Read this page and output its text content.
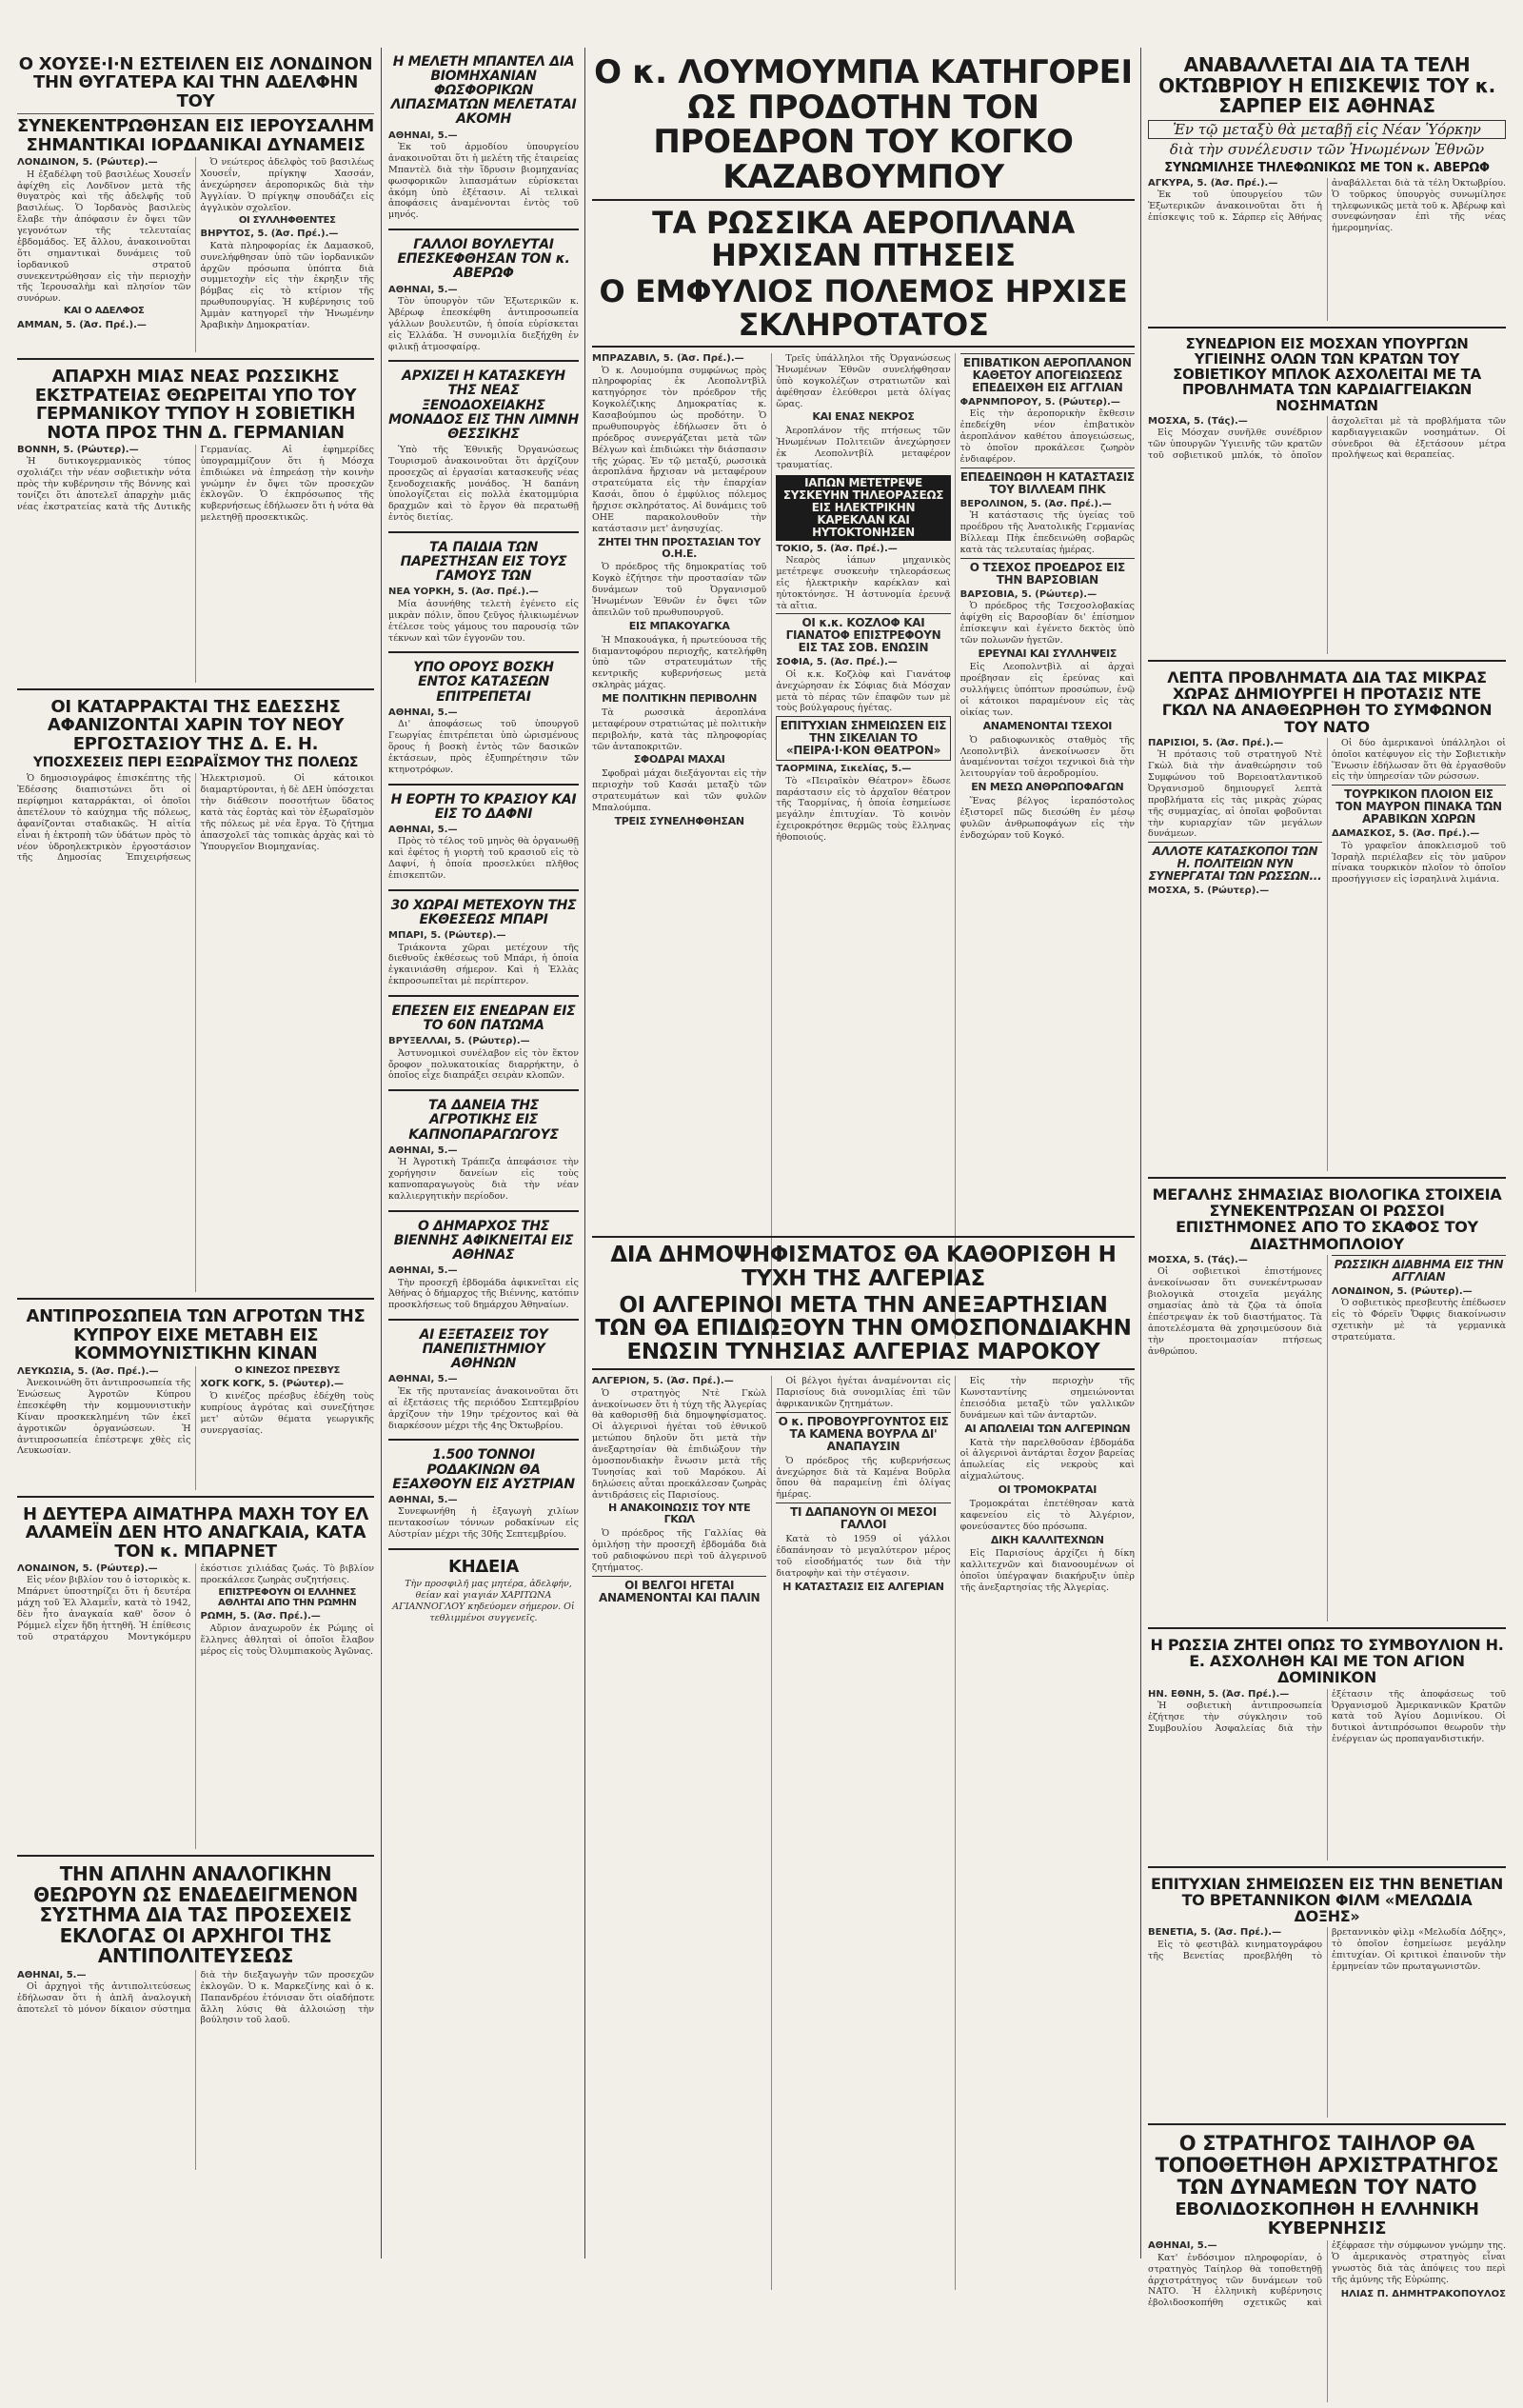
Ο ΧΟΥΣΕ·Ι·Ν ΕΣΤΕΙΛΕΝ ΕΙΣ ΛΟΝΔΙΝΟΝ ΤΗΝ ΘΥΓΑΤΕΡΑ ΚΑΙ ΤΗΝ ΑΔΕΛΦΗΝ ΤΟΥ
ΣΥΝΕΚΕΝΤΡΩΘΗΣΑΝ ΕΙΣ ΙΕΡΟΥΣΑΛΗΜ ΣΗΜΑΝΤΙΚΑΙ ΙΟΡΔΑΝΙΚΑΙ ΔΥΝΑΜΕΙΣ
ΛΟΝΔΙΝΟΝ, 5. (Ρώυτερ).—

Η ἐξαδέλφη τοῦ βασιλέως Χουσεΐν ἀφίχθη εἰς Λονδῖνον μετὰ τῆς θυγατρὸς καὶ τῆς ἀδελφῆς τοῦ βασιλέως. Ὁ Ἰορδανὸς βασιλεὺς ἔλαβε τὴν ἀπόφασιν ἐν ὄψει τῶν γεγονότων τῆς τελευταίας ἑβδομάδος. Ἐξ ἄλλου, ἀνακοινοῦται ὅτι σημαντικαὶ δυνάμεις τοῦ ἰορδανικοῦ στρατοῦ συνεκεντρώθησαν εἰς τὴν περιοχὴν τῆς Ἱερουσαλὴμ καὶ πλησίον τῶν συνόρων.

ΚΑΙ Ο ΑΔΕΛΦΟΣ
ΑΜΜΑΝ, 5. (Ἀσ. Πρέ.).—

Ὁ νεώτερος ἀδελφὸς τοῦ βασιλέως Χουσεΐν, πρίγκηψ Χασσάν, ἀνεχώρησεν ἀεροπορικῶς διὰ τὴν Ἀγγλίαν. Ὁ πρίγκηψ σπουδάζει εἰς ἀγγλικὸν σχολεῖον.

ΟΙ ΣΥΛΛΗΦΘΕΝΤΕΣ
ΒΗΡΥΤΟΣ, 5. (Ἀσ. Πρέ.).—

Κατὰ πληροφορίας ἐκ Δαμασκοῦ, συνελήφθησαν ὑπὸ τῶν ἰορδανικῶν ἀρχῶν πρόσωπα ὑπόπτα διὰ συμμετοχὴν εἰς τὴν ἐκρηξιν τῆς βόμβας εἰς τὸ κτίριον τῆς πρωθυπουργίας. Ἡ κυβέρνησις τοῦ Ἀμμὰν κατηγορεῖ τὴν Ἡνωμένην Ἀραβικὴν Δημοκρατίαν.

ΑΠΑΡΧΗ ΜΙΑΣ ΝΕΑΣ ΡΩΣΣΙΚΗΣ ΕΚΣΤΡΑΤΕΙΑΣ ΘΕΩΡΕΙΤΑΙ ΥΠΟ ΤΟΥ ΓΕΡΜΑΝΙΚΟΥ ΤΥΠΟΥ Η ΣΟΒΙΕΤΙΚΗ ΝΟΤΑ ΠΡΟΣ ΤΗΝ Δ. ΓΕΡΜΑΝΙΑΝ
ΒΟΝΝΗ, 5. (Ρώυτερ).—

Ἡ δυτικογερμανικὸς τύπος σχολιάζει τὴν νέαν σοβιετικὴν νότα πρὸς τὴν κυβέρνησιν τῆς Βόννης καὶ τονίζει ὅτι ἀποτελεῖ ἀπαρχὴν μιᾶς νέας ἐκστρατείας κατὰ τῆς Δυτικῆς Γερμανίας. Αἱ ἐφημερίδες ὑπογραμμίζουν ὅτι ἡ Μόσχα ἐπιδιώκει νὰ ἐπηρεάσῃ τὴν κοινὴν γνώμην ἐν ὄψει τῶν προσεχῶν ἐκλογῶν. Ὁ ἐκπρόσωπος τῆς κυβερνήσεως ἐδήλωσεν ὅτι ἡ νότα θὰ μελετηθῇ προσεκτικῶς.

ΟΙ ΚΑΤΑΡΡΑΚΤΑΙ ΤΗΣ ΕΔΕΣΣΗΣ ΑΦΑΝΙΖΟΝΤΑΙ ΧΑΡΙΝ ΤΟΥ ΝΕΟΥ ΕΡΓΟΣΤΑΣΙΟΥ ΤΗΣ Δ. Ε. Η.
ΥΠΟΣΧΕΣΕΙΣ ΠΕΡΙ ΕΞΩΡΑΪΣΜΟΥ ΤΗΣ ΠΟΛΕΩΣ

Ὁ δημοσιογράφος ἐπισκέπτης τῆς Ἐδέσσης διαπιστώνει ὅτι οἱ περίφημοι καταρράκται, οἱ ὁποῖοι ἀπετέλουν τὸ καύχημα τῆς πόλεως, ἀφανίζονται σταδιακῶς. Ἡ αἰτία εἶναι ἡ ἐκτροπὴ τῶν ὑδάτων πρὸς τὸ νέον ὑδροηλεκτρικὸν ἐργοστάσιον τῆς Δημοσίας Ἐπιχειρήσεως Ἠλεκτρισμοῦ. Οἱ κάτοικοι διαμαρτύρονται, ἡ δὲ ΔΕΗ ὑπόσχεται τὴν διάθεσιν ποσοτήτων ὕδατος κατὰ τὰς ἑορτὰς καὶ τὸν ἐξωραϊσμὸν τῆς πόλεως μὲ νέα ἔργα. Τὸ ζήτημα ἀπασχολεῖ τὰς τοπικὰς ἀρχὰς καὶ τὸ Ὑπουργεῖον Βιομηχανίας.

ΑΝΤΙΠΡΟΣΩΠΕΙΑ ΤΩΝ ΑΓΡΟΤΩΝ ΤΗΣ ΚΥΠΡΟΥ ΕΙΧΕ ΜΕΤΑΒΗ ΕΙΣ ΚΟΜΜΟΥΝΙΣΤΙΚΗΝ ΚΙΝΑΝ
ΛΕΥΚΩΣΙΑ, 5. (Ἀσ. Πρέ.).—

Ἀνεκοινώθη ὅτι ἀντιπροσωπεία τῆς Ἑνώσεως Ἀγροτῶν Κύπρου ἐπεσκέφθη τὴν κομμουνιστικὴν Κίναν προσκεκλημένη τῶν ἐκεῖ ἀγροτικῶν ὀργανώσεων. Ἡ ἀντιπροσωπεία ἐπέστρεψε χθὲς εἰς Λευκωσίαν.

Ο ΚΙΝΕΖΟΣ ΠΡΕΣΒΥΣ
ΧΟΓΚ ΚΟΓΚ, 5. (Ρώυτερ).—

Ὁ κινέζος πρέσβυς ἐδέχθη τοὺς κυπρίους ἀγρότας καὶ συνεζήτησε μετ' αὐτῶν θέματα γεωργικῆς συνεργασίας.

Η ΔΕΥΤΕΡΑ ΑΙΜΑΤΗΡΑ ΜΑΧΗ ΤΟΥ ΕΛ ΑΛΑΜΕΪΝ ΔΕΝ ΗΤΟ ΑΝΑΓΚΑΙΑ, ΚΑΤΑ ΤΟΝ κ. ΜΠΑΡΝΕΤ
ΛΟΝΔΙΝΟΝ, 5. (Ρώυτερ).—

Εἰς νέον βιβλίον του ὁ ἱστορικὸς κ. Μπάρνετ ὑποστηρίζει ὅτι ἡ δευτέρα μάχη τοῦ Ἐλ Ἀλαμεΐν, κατὰ τὸ 1942, δὲν ἦτο ἀναγκαία καθ' ὅσον ὁ Ρόμμελ εἶχεν ἤδη ἡττηθῆ. Ἡ ἐπίθεσις τοῦ στρατάρχου Μοντγκόμερυ ἐκόστισε χιλιάδας ζωάς. Τὸ βιβλίον προεκάλεσε ζωηρὰς συζητήσεις.

ΕΠΙΣΤΡΕΦΟΥΝ ΟΙ ΕΛΛΗΝΕΣ ΑΘΛΗΤΑΙ ΑΠΟ ΤΗΝ ΡΩΜΗΝ
ΡΩΜΗ, 5. (Ἀσ. Πρέ.).—

Αὔριον ἀναχωροῦν ἐκ Ρώμης οἱ ἕλληνες ἀθληταὶ οἱ ὁποῖοι ἔλαβον μέρος εἰς τοὺς Ὀλυμπιακοὺς Ἀγῶνας.

ΤΗΝ ΑΠΛΗΝ ΑΝΑΛΟΓΙΚΗΝ ΘΕΩΡΟΥΝ ΩΣ ΕΝΔΕΔΕΙΓΜΕΝΟΝ ΣΥΣΤΗΜΑ ΔΙΑ ΤΑΣ ΠΡΟΣΕΧΕΙΣ ΕΚΛΟΓΑΣ ΟΙ ΑΡΧΗΓΟΙ ΤΗΣ ΑΝΤΙΠΟΛΙΤΕΥΣΕΩΣ
ΑΘΗΝΑΙ, 5.—

Οἱ ἀρχηγοὶ τῆς ἀντιπολιτεύσεως ἐδήλωσαν ὅτι ἡ ἁπλῆ ἀναλογικὴ ἀποτελεῖ τὸ μόνον δίκαιον σύστημα διὰ τὴν διεξαγωγὴν τῶν προσεχῶν ἐκλογῶν. Ὁ κ. Μαρκεζίνης καὶ ὁ κ. Παπανδρέου ἐτόνισαν ὅτι οἱαδήποτε ἄλλη λύσις θὰ ἀλλοιώσῃ τὴν βούλησιν τοῦ λαοῦ.

Η ΜΕΛΕΤΗ ΜΠΑΝΤΕΛ ΔΙΑ ΒΙΟΜΗΧΑΝΙΑΝ ΦΩΣΦΟΡΙΚΩΝ ΛΙΠΑΣΜΑΤΩΝ ΜΕΛΕΤΑΤΑΙ ΑΚΟΜΗ
ΑΘΗΝΑΙ, 5.—

Ἐκ τοῦ ἁρμοδίου ὑπουργείου ἀνακοινοῦται ὅτι ἡ μελέτη τῆς ἑταιρείας Μπαντὲλ διὰ τὴν ἵδρυσιν βιομηχανίας φωσφορικῶν λιπασμάτων εὑρίσκεται ἀκόμη ὑπὸ ἐξέτασιν. Αἱ τελικαὶ ἀποφάσεις ἀναμένονται ἐντὸς τοῦ μηνός.

ΓΑΛΛΟΙ ΒΟΥΛΕΥΤΑΙ ΕΠΕΣΚΕΦΘΗΣΑΝ ΤΟΝ κ. ΑΒΕΡΩΦ
ΑΘΗΝΑΙ, 5.—

Τὸν ὑπουργὸν τῶν Ἐξωτερικῶν κ. Ἀβέρωφ ἐπεσκέφθη ἀντιπροσωπεία γάλλων βουλευτῶν, ἡ ὁποία εὑρίσκεται εἰς Ἑλλάδα. Ἡ συνομιλία διεξήχθη ἐν φιλικῇ ἀτμοσφαίρᾳ.

ΑΡΧΙΖΕΙ Η ΚΑΤΑΣΚΕΥΗ ΤΗΣ ΝΕΑΣ ΞΕΝΟΔΟΧΕΙΑΚΗΣ ΜΟΝΑΔΟΣ ΕΙΣ ΤΗΝ ΛΙΜΝΗ ΘΕΣΣΙΚΗΣ

Ὑπὸ τῆς Ἐθνικῆς Ὀργανώσεως Τουρισμοῦ ἀνακοινοῦται ὅτι ἀρχίζουν προσεχῶς αἱ ἐργασίαι κατασκευῆς νέας ξενοδοχειακῆς μονάδος. Ἡ δαπάνη ὑπολογίζεται εἰς πολλὰ ἑκατομμύρια δραχμῶν καὶ τὸ ἔργον θὰ περατωθῇ ἐντὸς διετίας.

ΤΑ ΠΑΙΔΙΑ ΤΩΝ ΠΑΡΕΣΤΗΣΑΝ ΕΙΣ ΤΟΥΣ ΓΑΜΟΥΣ ΤΩΝ
ΝΕΑ ΥΟΡΚΗ, 5. (Ἀσ. Πρέ.).—

Μία ἀσυνήθης τελετὴ ἐγένετο εἰς μικρὰν πόλιν, ὅπου ζεῦγος ἡλικιωμένων ἐτέλεσε τοὺς γάμους του παρουσίᾳ τῶν τέκνων καὶ τῶν ἐγγονῶν του.

ΥΠΟ ΟΡΟΥΣ ΒΟΣΚΗ ΕΝΤΟΣ ΚΑΤΑΣΕΩΝ ΕΠΙΤΡΕΠΕΤΑΙ
ΑΘΗΝΑΙ, 5.—

Δι' ἀποφάσεως τοῦ ὑπουργοῦ Γεωργίας ἐπιτρέπεται ὑπὸ ὡρισμένους ὅρους ἡ βοσκὴ ἐντὸς τῶν δασικῶν ἐκτάσεων, πρὸς ἐξυπηρέτησιν τῶν κτηνοτρόφων.

Η ΕΟΡΤΗ ΤΟ ΚΡΑΣΙΟΥ ΚΑΙ ΕΙΣ ΤΟ ΔΑΦΝΙ
ΑΘΗΝΑΙ, 5.—

Πρὸς τὸ τέλος τοῦ μηνὸς θὰ ὀργανωθῇ καὶ ἐφέτος ἡ γιορτὴ τοῦ κρασιοῦ εἰς τὸ Δαφνί, ἡ ὁποία προσελκύει πλῆθος ἐπισκεπτῶν.

30 ΧΩΡΑΙ ΜΕΤΕΧΟΥΝ ΤΗΣ ΕΚΘΕΣΕΩΣ ΜΠΑΡΙ
ΜΠΑΡΙ, 5. (Ρώυτερ).—

Τριάκοντα χῶραι μετέχουν τῆς διεθνοῦς ἐκθέσεως τοῦ Μπάρι, ἡ ὁποία ἐγκαινιάσθη σήμερον. Καὶ ἡ Ἑλλὰς ἐκπροσωπεῖται μὲ περίπτερον.

ΕΠΕΣΕΝ ΕΙΣ ΕΝΕΔΡΑΝ ΕΙΣ ΤΟ 60Ν ΠΑΤΩΜΑ
ΒΡΥΞΕΛΛΑΙ, 5. (Ρώυτερ).—

Ἀστυνομικοὶ συνέλαβον εἰς τὸν ἕκτον ὄροφον πολυκατοικίας διαρρήκτην, ὁ ὁποῖος εἶχε διαπράξει σειρὰν κλοπῶν.

ΤΑ ΔΑΝΕΙΑ ΤΗΣ ΑΓΡΟΤΙΚΗΣ ΕΙΣ ΚΑΠΝΟΠΑΡΑΓΩΓΟΥΣ
ΑΘΗΝΑΙ, 5.—

Ἡ Ἀγροτικὴ Τράπεζα ἀπεφάσισε τὴν χορήγησιν δανείων εἰς τοὺς καπνοπαραγωγοὺς διὰ τὴν νέαν καλλιεργητικὴν περίοδον.

Ο ΔΗΜΑΡΧΟΣ ΤΗΣ ΒΙΕΝΝΗΣ ΑΦΙΚΝΕΙΤΑΙ ΕΙΣ ΑΘΗΝΑΣ
ΑΘΗΝΑΙ, 5.—

Τὴν προσεχῆ ἑβδομάδα ἀφικνεῖται εἰς Ἀθήνας ὁ δήμαρχος τῆς Βιέννης, κατόπιν προσκλήσεως τοῦ δημάρχου Ἀθηναίων.

ΑΙ ΕΞΕΤΑΣΕΙΣ ΤΟΥ ΠΑΝΕΠΙΣΤΗΜΙΟΥ ΑΘΗΝΩΝ
ΑΘΗΝΑΙ, 5.—

Ἐκ τῆς πρυτανείας ἀνακοινοῦται ὅτι αἱ ἐξετάσεις τῆς περιόδου Σεπτεμβρίου ἀρχίζουν τὴν 19ην τρέχοντος καὶ θὰ διαρκέσουν μέχρι τῆς 4ης Ὀκτωβρίου.

1.500 ΤΟΝΝΟΙ ΡΟΔΑΚΙΝΩΝ ΘΑ ΕΞΑΧΘΟΥΝ ΕΙΣ ΑΥΣΤΡΙΑΝ
ΑΘΗΝΑΙ, 5.—

Συνεφωνήθη ἡ ἐξαγωγὴ χιλίων πεντακοσίων τόννων ροδακίνων εἰς Αὐστρίαν μέχρι τῆς 30ῆς Σεπτεμβρίου.

ΚΗΔΕΙΑ

Τὴν προσφιλῆ μας μητέρα, ἀδελφήν, θείαν καὶ γιαγιάν ΧΑΡΙΤΩΝΑ ΑΓΙΑΝΝΟΓΛΟΥ κηδεύομεν σήμερον. Οἱ τεθλιμμένοι συγγενεῖς.

Ο κ. ΛΟΥΜΟΥΜΠΑ ΚΑΤΗΓΟΡΕΙ ΩΣ ΠΡΟΔΟΤΗΝ ΤΟΝ ΠΡΟΕΔΡΟΝ ΤΟΥ ΚΟΓΚΟ ΚΑΖΑΒΟΥΜΠΟΥ
ΤΑ ΡΩΣΣΙΚΑ ΑΕΡΟΠΛΑΝΑ ΗΡΧΙΣΑΝ ΠΤΗΣΕΙΣ
Ο ΕΜΦΥΛΙΟΣ ΠΟΛΕΜΟΣ ΗΡΧΙΣΕ ΣΚΛΗΡΟΤΑΤΟΣ
ΜΠΡΑΖΑΒΙΛ, 5. (Ἀσ. Πρέ.).—

Ὁ κ. Λουμούμπα συμφώνως πρὸς πληροφορίας ἐκ Λεοπολντβὶλ κατηγόρησε τὸν πρόεδρον τῆς Κογκολέζικης Δημοκρατίας κ. Κασαβούμπου ὡς προδότην. Ὁ πρωθυπουργὸς ἐδήλωσεν ὅτι ὁ πρόεδρος συνεργάζεται μετὰ τῶν Βέλγων καὶ ἐπιδιώκει τὴν διάσπασιν τῆς χώρας. Ἐν τῷ μεταξύ, ρωσσικὰ ἀεροπλάνα ἤρχισαν νὰ μεταφέρουν στρατεύματα εἰς τὴν ἐπαρχίαν Κασάι, ὅπου ὁ ἐμφύλιος πόλεμος ἤρχισε σκληρότατος. Αἱ δυνάμεις τοῦ ΟΗΕ παρακολουθοῦν τὴν κατάστασιν μετ' ἀνησυχίας.

ΖΗΤΕΙ ΤΗΝ ΠΡΟΣΤΑΣΙΑΝ ΤΟΥ Ο.Η.Ε.

Ὁ πρόεδρος τῆς δημοκρατίας τοῦ Κογκὸ ἐζήτησε τὴν προστασίαν τῶν δυνάμεων τοῦ Ὀργανισμοῦ Ἡνωμένων Ἐθνῶν ἐν ὄψει τῶν ἀπειλῶν τοῦ πρωθυπουργοῦ.

ΕΙΣ ΜΠΑΚΟΥΑΓΚΑ

Ἡ Μπακουάγκα, ἡ πρωτεύουσα τῆς διαμαντοφόρου περιοχῆς, κατελήφθη ὑπὸ τῶν στρατευμάτων τῆς κεντρικῆς κυβερνήσεως μετὰ σκληρὰς μάχας.

ΜΕ ΠΟΛΙΤΙΚΗΝ ΠΕΡΙΒΟΛΗΝ

Τὰ ρωσσικὰ ἀεροπλάνα μεταφέρουν στρατιώτας μὲ πολιτικὴν περιβολήν, κατὰ τὰς πληροφορίας τῶν ἀνταποκριτῶν.

ΣΦΟΔΡΑΙ ΜΑΧΑΙ

Σφοδραὶ μάχαι διεξάγονται εἰς τὴν περιοχὴν τοῦ Κασάι μεταξὺ τῶν στρατευμάτων καὶ τῶν φυλῶν Μπαλούμπα.

ΤΡΕΙΣ ΣΥΝΕΛΗΦΘΗΣΑΝ

Τρεῖς ὑπάλληλοι τῆς Ὀργανώσεως Ἡνωμένων Ἐθνῶν συνελήφθησαν ὑπὸ κογκολέζων στρατιωτῶν καὶ ἀφέθησαν ἐλεύθεροι μετὰ ὀλίγας ὥρας.

ΚΑΙ ΕΝΑΣ ΝΕΚΡΟΣ

Ἀεροπλάνον τῆς πτήσεως τῶν Ἡνωμένων Πολιτειῶν ἀνεχώρησεν ἐκ Λεοπολντβίλ μεταφέρον τραυματίας.

ΙΑΠΩΝ ΜΕΤΕΤΡΕΨΕ ΣΥΣΚΕΥΗΝ ΤΗΛΕΟΡΑΣΕΩΣ ΕΙΣ ΗΛΕΚΤΡΙΚΗΝ ΚΑΡΕΚΛΑΝ ΚΑΙ ΗΥΤΟΚΤΟΝΗΣΕΝ
ΤΟΚΙΟ, 5. (Ἀσ. Πρέ.).—

Νεαρὸς ἰάπων μηχανικὸς μετέτρεψε συσκευὴν τηλεοράσεως εἰς ἠλεκτρικὴν καρέκλαν καὶ ηὐτοκτόνησε. Ἡ ἀστυνομία ἐρευνᾷ τὰ αἴτια.

ΟΙ κ.κ. ΚΟΖΛΟΦ ΚΑΙ ΓΙΑΝΑΤΟΦ ΕΠΙΣΤΡΕΦΟΥΝ ΕΙΣ ΤΑΣ ΣΟΒ. ΕΝΩΣΙΝ
ΣΟΦΙΑ, 5. (Ἀσ. Πρέ.).—

Οἱ κ.κ. Κοζλὸφ καὶ Γιανάτοφ ἀνεχώρησαν ἐκ Σόφιας διὰ Μόσχαν μετὰ τὸ πέρας τῶν ἐπαφῶν των μὲ τοὺς βούλγαρους ἡγέτας.

ΕΠΙΤΥΧΙΑΝ ΣΗΜΕΙΩΣΕΝ ΕΙΣ ΤΗΝ ΣΙΚΕΛΙΑΝ ΤΟ «ΠΕΙΡΑ·Ι·ΚΟΝ ΘΕΑΤΡΟΝ»
ΤΑΟΡΜΙΝΑ, Σικελίας, 5.—

Τὸ «Πειραϊκὸν Θέατρον» ἔδωσε παράστασιν εἰς τὸ ἀρχαῖον θέατρον τῆς Ταορμίνας, ἡ ὁποία ἐσημείωσε μεγάλην ἐπιτυχίαν. Τὸ κοινὸν ἐχειροκρότησε θερμῶς τοὺς ἕλληνας ἠθοποιούς.

ΕΠΙΒΑΤΙΚΟΝ ΑΕΡΟΠΛΑΝΟΝ ΚΑΘΕΤΟΥ ΑΠΟΓΕΙΩΣΕΩΣ ΕΠΕΔΕΙΧΘΗ ΕΙΣ ΑΓΓΛΙΑΝ
ΦΑΡΝΜΠΟΡΟΥ, 5. (Ρώυτερ).—

Εἰς τὴν ἀεροπορικὴν ἔκθεσιν ἐπεδείχθη νέον ἐπιβατικὸν ἀεροπλάνον καθέτου ἀπογειώσεως, τὸ ὁποῖον προκάλεσε ζωηρὸν ἐνδιαφέρον.

ΕΠΕΔΕΙΝΩΘΗ Η ΚΑΤΑΣΤΑΣΙΣ ΤΟΥ ΒΙΛΛΕΑΜ ΠΗΚ
ΒΕΡΟΛΙΝΟΝ, 5. (Ἀσ. Πρέ.).—

Ἡ κατάστασις τῆς ὑγείας τοῦ προέδρου τῆς Ἀνατολικῆς Γερμανίας Βίλλεαμ Πὴκ ἐπεδεινώθη σοβαρῶς κατὰ τὰς τελευταίας ἡμέρας.

Ο ΤΣΕΧΟΣ ΠΡΟΕΔΡΟΣ ΕΙΣ ΤΗΝ ΒΑΡΣΟΒΙΑΝ
ΒΑΡΣΟΒΙΑ, 5. (Ρώυτερ).—

Ὁ πρόεδρος τῆς Τσεχοσλοβακίας ἀφίχθη εἰς Βαρσοβίαν δι' ἐπίσημον ἐπίσκεψιν καὶ ἐγένετο δεκτὸς ὑπὸ τῶν πολωνῶν ἡγετῶν.

ΕΡΕΥΝΑΙ ΚΑΙ ΣΥΛΛΗΨΕΙΣ

Εἰς Λεοπολντβὶλ αἱ ἀρχαὶ προέβησαν εἰς ἐρεύνας καὶ συλλήψεις ὑπόπτων προσώπων, ἐνῷ οἱ κάτοικοι παραμένουν εἰς τὰς οἰκίας των.

ΑΝΑΜΕΝΟΝΤΑΙ ΤΣΕΧΟΙ

Ὁ ραδιοφωνικὸς σταθμὸς τῆς Λεοπολντβὶλ ἀνεκοίνωσεν ὅτι ἀναμένονται τσέχοι τεχνικοὶ διὰ τὴν λειτουργίαν τοῦ ἀεροδρομίου.

ΕΝ ΜΕΣΩ ΑΝΘΡΩΠΟΦΑΓΩΝ

Ἕνας βέλγος ἱεραπόστολος ἐξιστορεῖ πῶς διεσώθη ἐν μέσῳ φυλῶν ἀνθρωποφάγων εἰς τὴν ἐνδοχώραν τοῦ Κογκό.

ΔΙΑ ΔΗΜΟΨΗΦΙΣΜΑΤΟΣ ΘΑ ΚΑΘΟΡΙΣΘΗ Η ΤΥΧΗ ΤΗΣ ΑΛΓΕΡΙΑΣ
ΟΙ ΑΛΓΕΡΙΝΟΙ ΜΕΤΑ ΤΗΝ ΑΝΕΞΑΡΤΗΣΙΑΝ ΤΩΝ ΘΑ ΕΠΙΔΙΩΞΟΥΝ ΤΗΝ ΟΜΟΣΠΟΝΔΙΑΚΗΝ ΕΝΩΣΙΝ ΤΥΝΗΣΙΑΣ ΑΛΓΕΡΙΑΣ ΜΑΡΟΚΟΥ
ΑΛΓΕΡΙΟΝ, 5. (Ἀσ. Πρέ.).—

Ὁ στρατηγὸς Ντὲ Γκὼλ ἀνεκοίνωσεν ὅτι ἡ τύχη τῆς Ἀλγερίας θὰ καθορισθῇ διὰ δημοψηφίσματος. Οἱ ἀλγερινοὶ ἡγέται τοῦ ἐθνικοῦ μετώπου δηλοῦν ὅτι μετὰ τὴν ἀνεξαρτησίαν θὰ ἐπιδιώξουν τὴν ὁμοσπονδιακὴν ἕνωσιν μετὰ τῆς Τυνησίας καὶ τοῦ Μαρόκου. Αἱ δηλώσεις αὗται προεκάλεσαν ζωηρὰς ἀντιδράσεις εἰς Παρισίους.

Η ΑΝΑΚΟΙΝΩΣΙΣ ΤΟΥ ΝΤΕ ΓΚΩΛ

Ὁ πρόεδρος τῆς Γαλλίας θὰ ὁμιλήσῃ τὴν προσεχῆ ἑβδομάδα διὰ τοῦ ραδιοφώνου περὶ τοῦ ἀλγερινοῦ ζητήματος.

ΟΙ ΒΕΛΓΟΙ ΗΓΕΤΑΙ ΑΝΑΜΕΝΟΝΤΑΙ ΚΑΙ ΠΑΛΙΝ

Οἱ βέλγοι ἡγέται ἀναμένονται εἰς Παρισίους διὰ συνομιλίας ἐπὶ τῶν ἀφρικανικῶν ζητημάτων.

Ο κ. ΠΡΟΒΟΥΡΓΟΥΝΤΟΣ ΕΙΣ ΤΑ ΚΑΜΕΝΑ ΒΟΥΡΛΑ ΔΙ' ΑΝΑΠΑΥΣΙΝ

Ὁ πρόεδρος τῆς κυβερνήσεως ἀνεχώρησε διὰ τὰ Καμένα Βοῦρλα ὅπου θὰ παραμείνῃ ἐπὶ ὀλίγας ἡμέρας.

ΤΙ ΔΑΠΑΝΟΥΝ ΟΙ ΜΕΣΟΙ ΓΑΛΛΟΙ

Κατὰ τὸ 1959 οἱ γάλλοι ἐδαπάνησαν τὸ μεγαλύτερον μέρος τοῦ εἰσοδήματός των διὰ τὴν διατροφὴν καὶ τὴν στέγασιν.

Η ΚΑΤΑΣΤΑΣΙΣ ΕΙΣ ΑΛΓΕΡΙΑΝ

Εἰς τὴν περιοχὴν τῆς Κωνσταντίνης σημειώνονται ἐπεισόδια μεταξὺ τῶν γαλλικῶν δυνάμεων καὶ τῶν ἀνταρτῶν.

ΑΙ ΑΠΩΛΕΙΑΙ ΤΩΝ ΑΛΓΕΡΙΝΩΝ

Κατὰ τὴν παρελθοῦσαν ἑβδομάδα οἱ ἀλγερινοὶ ἀντάρται ἔσχον βαρείας ἀπωλείας εἰς νεκροὺς καὶ αἰχμαλώτους.

ΟΙ ΤΡΟΜΟΚΡΑΤΑΙ

Τρομοκράται ἐπετέθησαν κατὰ καφενείου εἰς τὸ Ἀλγέριον, φονεύσαντες δύο πρόσωπα.

ΔΙΚΗ ΚΑΛΛΙΤΕΧΝΩΝ

Εἰς Παρισίους ἀρχίζει ἡ δίκη καλλιτεχνῶν καὶ διανοουμένων οἱ ὁποῖοι ὑπέγραψαν διακήρυξιν ὑπὲρ τῆς ἀνεξαρτησίας τῆς Ἀλγερίας.

ΑΝΑΒΑΛΛΕΤΑΙ ΔΙΑ ΤΑ ΤΕΛΗ ΟΚΤΩΒΡΙΟΥ Η ΕΠΙΣΚΕΨΙΣ ΤΟΥ κ. ΣΑΡΠΕΡ ΕΙΣ ΑΘΗΝΑΣ
Ἐν τῷ μεταξὺ θὰ μεταβῇ εἰς Νέαν Ὑόρκην
διὰ τὴν συνέλευσιν τῶν Ἡνωμένων Ἐθνῶν
ΣΥΝΩΜΙΛΗΣΕ ΤΗΛΕΦΩΝΙΚΩΣ ΜΕ ΤΟΝ κ. ΑΒΕΡΩΦ
ΑΓΚΥΡΑ, 5. (Ἀσ. Πρέ.).—

Ἐκ τοῦ ὑπουργείου τῶν Ἐξωτερικῶν ἀνακοινοῦται ὅτι ἡ ἐπίσκεψις τοῦ κ. Σάρπερ εἰς Ἀθήνας ἀναβάλλεται διὰ τὰ τέλη Ὀκτωβρίου. Ὁ τοῦρκος ὑπουργὸς συνωμίλησε τηλεφωνικῶς μετὰ τοῦ κ. Ἀβέρωφ καὶ συνεφώνησαν ἐπὶ τῆς νέας ἡμερομηνίας.

ΣΥΝΕΔΡΙΟΝ ΕΙΣ ΜΟΣΧΑΝ ΥΠΟΥΡΓΩΝ ΥΓΙΕΙΝΗΣ ΟΛΩΝ ΤΩΝ ΚΡΑΤΩΝ ΤΟΥ ΣΟΒΙΕΤΙΚΟΥ ΜΠΛΟΚ ΑΣΧΟΛΕΙΤΑΙ ΜΕ ΤΑ ΠΡΟΒΛΗΜΑΤΑ ΤΩΝ ΚΑΡΔΙΑΓΓΕΙΑΚΩΝ ΝΟΣΗΜΑΤΩΝ
ΜΟΣΧΑ, 5. (Τάς).—

Εἰς Μόσχαν συνῆλθε συνέδριον τῶν ὑπουργῶν Ὑγιεινῆς τῶν κρατῶν τοῦ σοβιετικοῦ μπλόκ, τὸ ὁποῖον ἀσχολεῖται μὲ τὰ προβλήματα τῶν καρδιαγγειακῶν νοσημάτων. Οἱ σύνεδροι θὰ ἐξετάσουν μέτρα προλήψεως καὶ θεραπείας.

ΛΕΠΤΑ ΠΡΟΒΛΗΜΑΤΑ ΔΙΑ ΤΑΣ ΜΙΚΡΑΣ ΧΩΡΑΣ ΔΗΜΙΟΥΡΓΕΙ Η ΠΡΟΤΑΣΙΣ ΝΤΕ ΓΚΩΛ ΝΑ ΑΝΑΘΕΩΡΗΘΗ ΤΟ ΣΥΜΦΩΝΟΝ ΤΟΥ ΝΑΤΟ
ΠΑΡΙΣΙΟΙ, 5. (Ἀσ. Πρέ.).—

Ἡ πρότασις τοῦ στρατηγοῦ Ντὲ Γκὼλ διὰ τὴν ἀναθεώρησιν τοῦ Συμφώνου τοῦ Βορειοατλαντικοῦ Ὀργανισμοῦ δημιουργεῖ λεπτὰ προβλήματα εἰς τὰς μικρὰς χώρας τῆς συμμαχίας, αἱ ὁποῖαι φοβοῦνται τὴν κυριαρχίαν τῶν μεγάλων δυνάμεων.

ΑΛΛΟΤΕ ΚΑΤΑΣΚΟΠΟΙ ΤΩΝ Η. ΠΟΛΙΤΕΙΩΝ ΝΥΝ ΣΥΝΕΡΓΑΤΑΙ ΤΩΝ ΡΩΣΣΩΝ...
ΜΟΣΧΑ, 5. (Ρώυτερ).—

Οἱ δύο ἀμερικανοὶ ὑπάλληλοι οἱ ὁποῖοι κατέφυγον εἰς τὴν Σοβιετικὴν Ἕνωσιν ἐδήλωσαν ὅτι θὰ ἐργασθοῦν εἰς τὴν ὑπηρεσίαν τῶν ρώσσων.

ΤΟΥΡΚΙΚΟΝ ΠΛΟΙΟΝ ΕΙΣ ΤΟΝ ΜΑΥΡΟΝ ΠΙΝΑΚΑ ΤΩΝ ΑΡΑΒΙΚΩΝ ΧΩΡΩΝ
ΔΑΜΑΣΚΟΣ, 5. (Ἀσ. Πρέ.).—

Τὸ γραφεῖον ἀποκλεισμοῦ τοῦ Ἰσραὴλ περιέλαβεν εἰς τὸν μαῦρον πίνακα τουρκικὸν πλοῖον τὸ ὁποῖον προσήγγισεν εἰς ἰσραηλινὰ λιμάνια.

ΜΕΓΑΛΗΣ ΣΗΜΑΣΙΑΣ ΒΙΟΛΟΓΙΚΑ ΣΤΟΙΧΕΙΑ ΣΥΝΕΚΕΝΤΡΩΣΑΝ ΟΙ ΡΩΣΣΟΙ ΕΠΙΣΤΗΜΟΝΕΣ ΑΠΟ ΤΟ ΣΚΑΦΟΣ ΤΟΥ ΔΙΑΣΤΗΜΟΠΛΟΙΟΥ
ΜΟΣΧΑ, 5. (Τάς).—

Οἱ σοβιετικοὶ ἐπιστήμονες ἀνεκοίνωσαν ὅτι συνεκέντρωσαν βιολογικὰ στοιχεῖα μεγάλης σημασίας ἀπὸ τὰ ζῷα τὰ ὁποῖα ἐπέστρεψαν ἐκ τοῦ διαστήματος. Τὰ ἀποτελέσματα θὰ χρησιμεύσουν διὰ τὴν προετοιμασίαν πτήσεως ἀνθρώπου.

ΡΩΣΣΙΚΗ ΔΙΑΒΗΜΑ ΕΙΣ ΤΗΝ ΑΓΓΛΙΑΝ
ΛΟΝΔΙΝΟΝ, 5. (Ρώυτερ).—

Ὁ σοβιετικὸς πρεσβευτὴς ἐπέδωσεν εἰς τὸ Φόρεϊν Ὄφφις διακοίνωσιν σχετικὴν μὲ τὰ γερμανικὰ στρατεύματα.

Η ΡΩΣΣΙΑ ΖΗΤΕΙ ΟΠΩΣ ΤΟ ΣΥΜΒΟΥΛΙΟΝ Η. Ε. ΑΣΧΟΛΗΘΗ ΚΑΙ ΜΕ ΤΟΝ ΑΓΙΟΝ ΔΟΜΙΝΙΚΟΝ
ΗΝ. ΕΘΝΗ, 5. (Ἀσ. Πρέ.).—

Ἡ σοβιετικὴ ἀντιπροσωπεία ἐζήτησε τὴν σύγκλησιν τοῦ Συμβουλίου Ἀσφαλείας διὰ τὴν ἐξέτασιν τῆς ἀποφάσεως τοῦ Ὀργανισμοῦ Ἀμερικανικῶν Κρατῶν κατὰ τοῦ Ἁγίου Δομινίκου. Οἱ δυτικοὶ ἀντιπρόσωποι θεωροῦν τὴν ἐνέργειαν ὡς προπαγανδιστικήν.

ΕΠΙΤΥΧΙΑΝ ΣΗΜΕΙΩΣΕΝ ΕΙΣ ΤΗΝ ΒΕΝΕΤΙΑΝ ΤΟ ΒΡΕΤΑΝΝΙΚΟΝ ΦΙΛΜ «ΜΕΛΩΔΙΑ ΔΟΞΗΣ»
ΒΕΝΕΤΙΑ, 5. (Ἀσ. Πρέ.).—

Εἰς τὸ φεστιβὰλ κινηματογράφου τῆς Βενετίας προεβλήθη τὸ βρεταννικὸν φὶλμ «Μελωδία Δόξης», τὸ ὁποῖον ἐσημείωσε μεγάλην ἐπιτυχίαν. Οἱ κριτικοὶ ἐπαινοῦν τὴν ἑρμηνείαν τῶν πρωταγωνιστῶν.

Ο ΣΤΡΑΤΗΓΟΣ ΤΑΙΗΛΟΡ ΘΑ ΤΟΠΟΘΕΤΗΘΗ ΑΡΧΙΣΤΡΑΤΗΓΟΣ ΤΩΝ ΔΥΝΑΜΕΩΝ ΤΟΥ ΝΑΤΟ
ΕΒΟΛΙΔΟΣΚΟΠΗΘΗ Η ΕΛΛΗΝΙΚΗ ΚΥΒΕΡΝΗΣΙΣ
ΑΘΗΝΑΙ, 5.—

Κατ' ἐνδόσιμον πληροφορίαν, ὁ στρατηγὸς Ταίηλορ θὰ τοποθετηθῇ ἀρχιστράτηγος τῶν δυνάμεων τοῦ ΝΑΤΟ. Ἡ ἑλληνικὴ κυβέρνησις ἐβολιδοσκοπήθη σχετικῶς καὶ ἐξέφρασε τὴν σύμφωνον γνώμην της. Ὁ ἀμερικανὸς στρατηγὸς εἶναι γνωστὸς διὰ τὰς ἀπόψεις του περὶ τῆς ἀμύνης τῆς Εὐρώπης.

ΗΛΙΑΣ Π. ΔΗΜΗΤΡΑΚΟΠΟΥΛΟΣ
